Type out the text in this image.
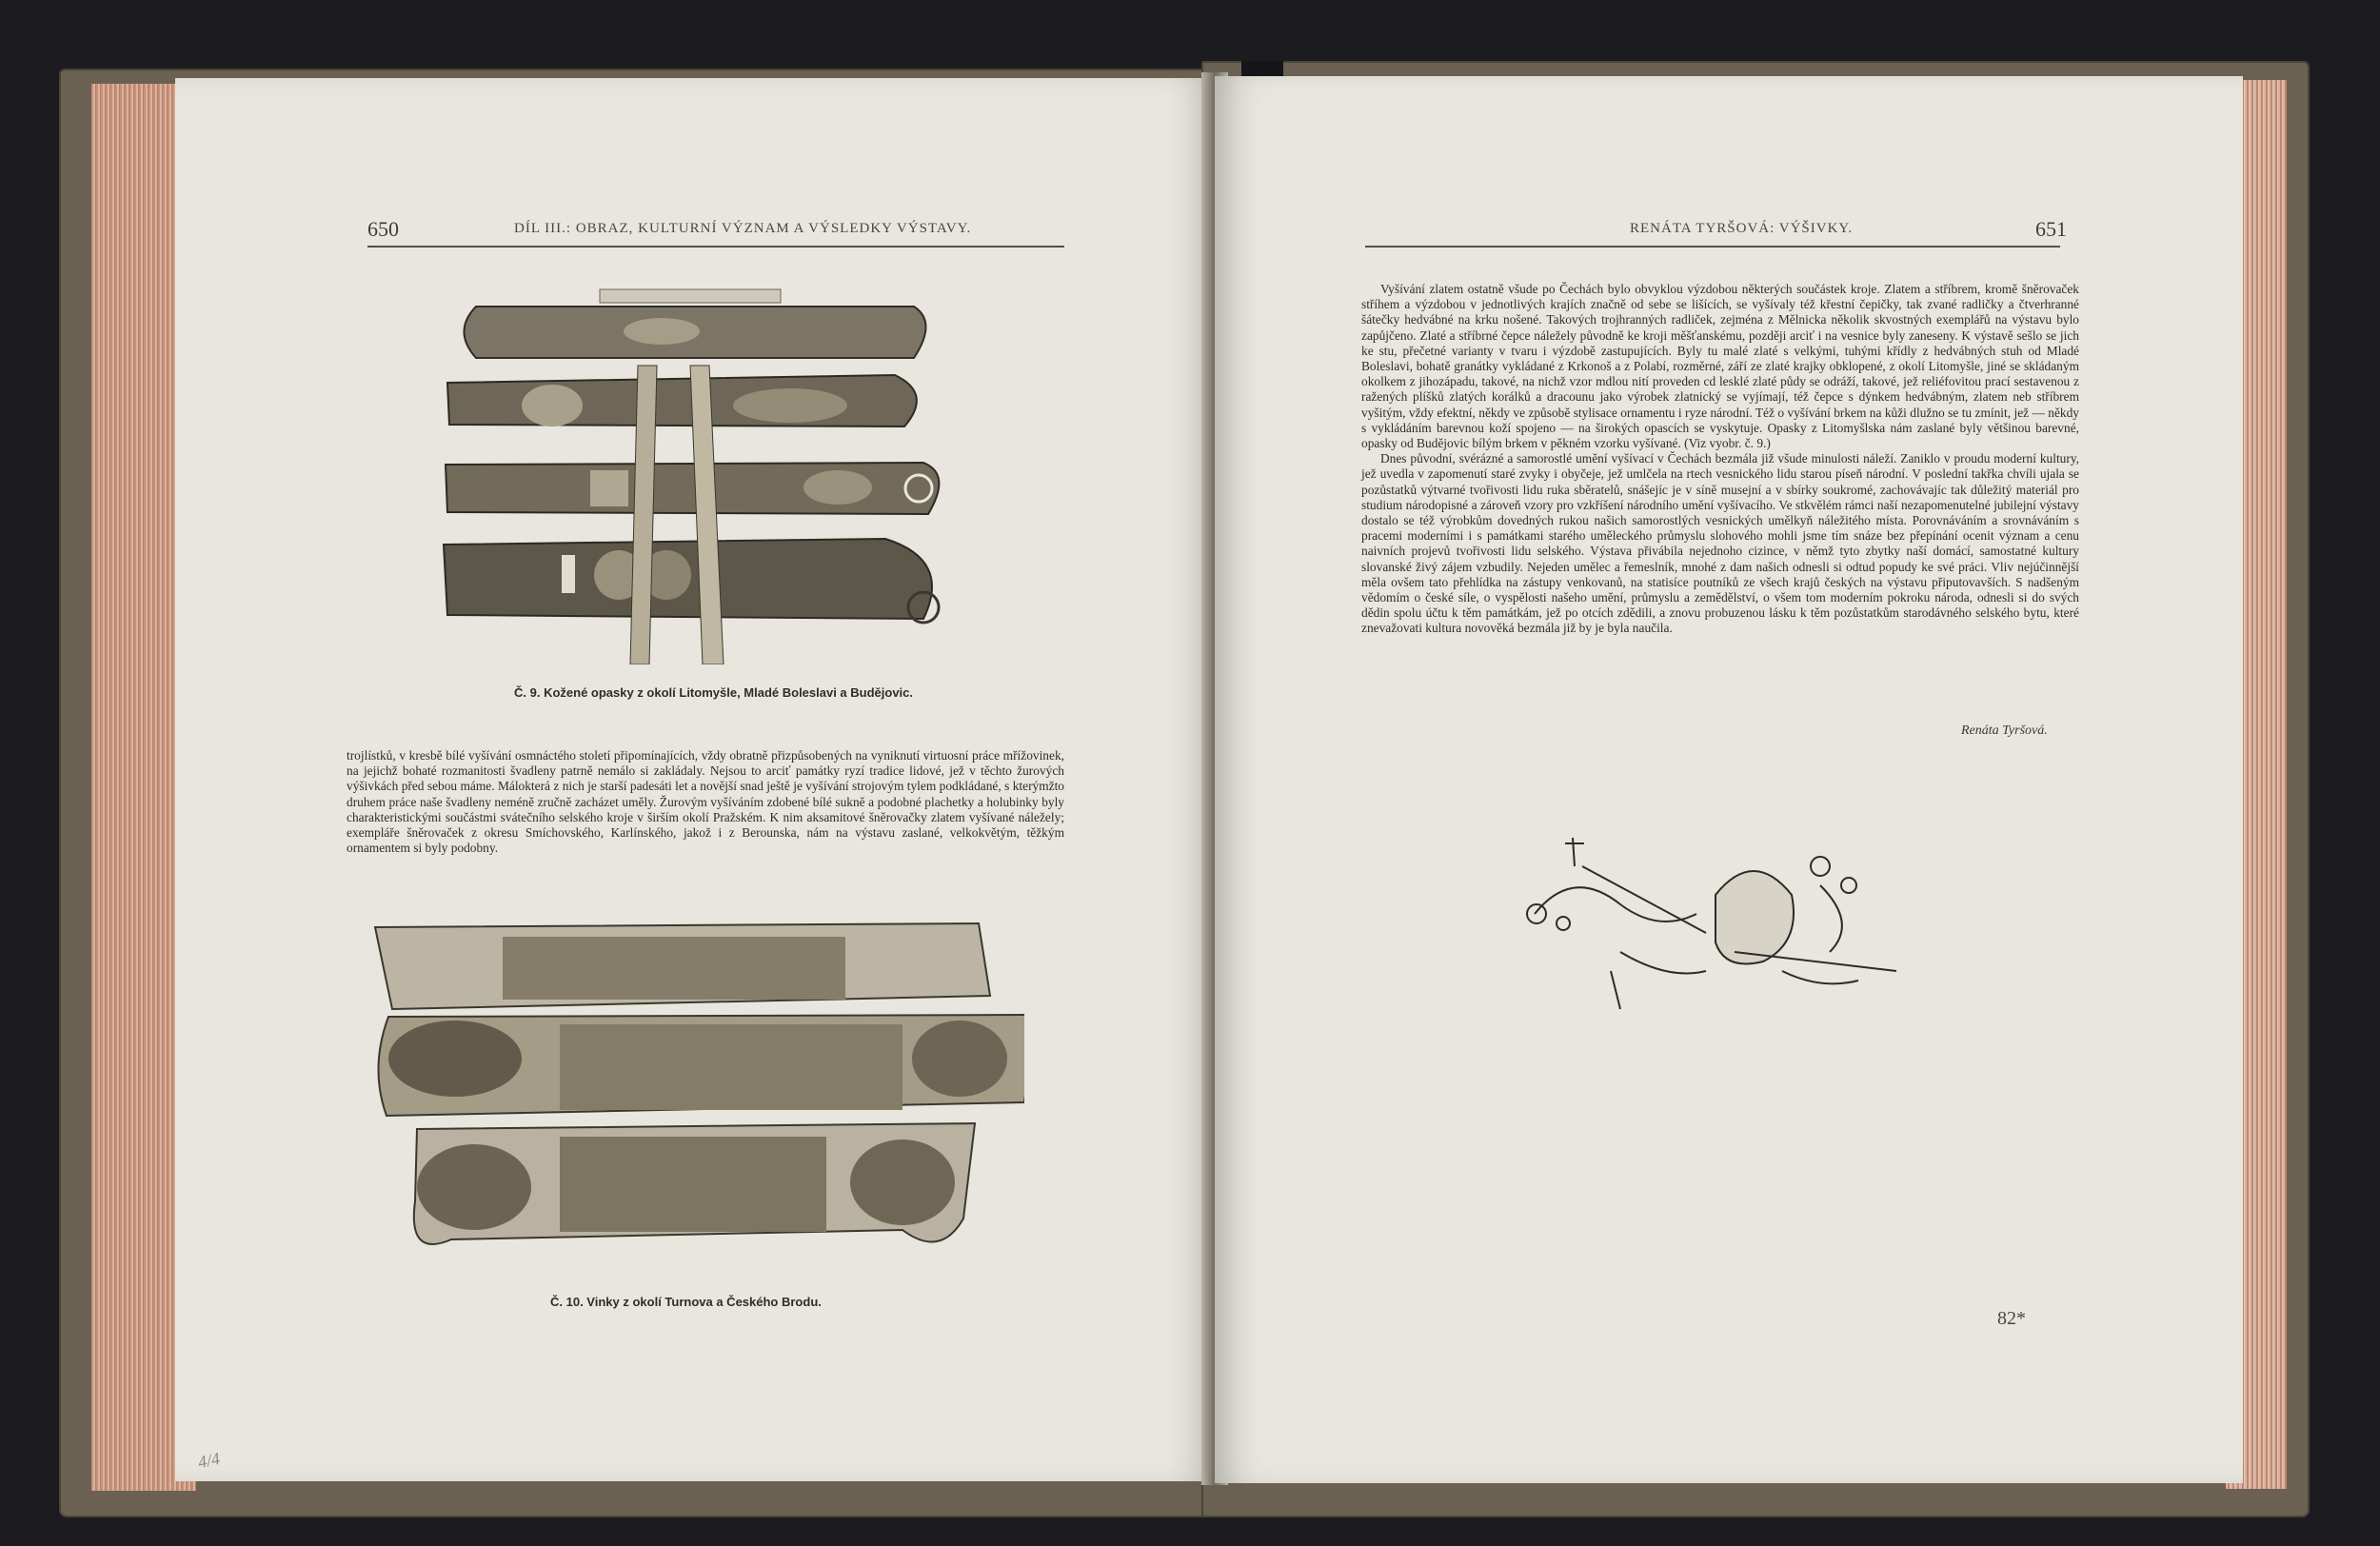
650	DÍL III.: OBRAZ, KULTURNÍ VÝZNAM A VÝSLEDKY VÝSTAVY.
Č. 9. Kožené opasky z okolí Litomyšle, Mladé Boleslavi a Budějovic.

trojlístků, v kresbě bílé vyšívání osmnáctého století připomínajících, vždy obratně přizpůsobených na vyniknutí virtuosní práce mřížovinek, na jejichž bohaté rozmanitosti švadleny patrně nemálo si zakládaly. Nejsou to arciť památky ryzí tradice lidové, jež v těchto žurových výšivkách před sebou máme. Málokterá z nich je starší padesáti let a novější snad ještě je vyšívání strojovým tylem podkládané, s kterýmžto druhem práce naše švadleny neméně zručně zacházet uměly. Žurovým vyšíváním zdobené bílé sukně a podobné plachetky a holubinky byly charakteristickými součástmi svátečního selského kroje v širším okolí Pražském. K nim aksamitové šněrovačky zlatem vyšívané náležely; exempláře šněrovaček z okresu Smíchovského, Karlínského, jakož i z Berounska, nám na výstavu zaslané, velkokvětým, těžkým ornamentem si byly podobny.

Č. 10. Vinky z okolí Turnova a Českého Brodu.
4/4
RENÁTA TYRŠOVÁ: VÝŠIVKY.	651

Vyšívání zlatem ostatně všude po Čechách bylo obvyklou výzdobou některých součástek kroje. Zlatem a stříbrem, kromě šněrovaček stříhem a výzdobou v jednotlivých krajích značně od sebe se lišících, se vyšívaly též křestní čepičky, tak zvané radličky a čtverhranné šátečky hedvábné na krku nošené. Takových trojhranných radliček, zejména z Mělnicka několik skvostných exemplářů na výstavu bylo zapůjčeno. Zlaté a stříbrné čepce náležely původně ke kroji měšťanskému, později arciť i na vesnice byly zaneseny. K výstavě sešlo se jich ke stu, přečetné varianty v tvaru i výzdobě zastupujících. Byly tu malé zlaté s velkými, tuhými křídly z hedvábných stuh od Mladé Boleslavi, bohatě granátky vykládané z Krkonoš a z Polabí, rozměrné, září ze zlaté krajky obklopené, z okolí Litomyšle, jiné se skládaným okolkem z jihozápadu, takové, na nichž vzor mdlou nití proveden cd lesklé zlaté půdy se odráží, takové, jež reliéfovitou prací sestavenou z ražených plíšků zlatých korálků a dracounu jako výrobek zlatnický se vyjímají, též čepce s dýnkem hedvábným, zlatem neb stříbrem vyšitým, vždy efektní, někdy ve způsobě stylisace ornamentu i ryze národní. Též o vyšívání brkem na kůži dlužno se tu zmínit, jež — někdy s vykládáním barevnou koží spojeno — na širokých opascích se vyskytuje. Opasky z Litomyšlska nám zaslané byly většinou barevné, opasky od Budějovic bílým brkem v pěkném vzorku vyšívané. (Viz vyobr. č. 9.)

Dnes původní, svérázné a samorostlé umění vyšívací v Čechách bezmála již všude minulosti náleží. Zaniklo v proudu moderní kultury, jež uvedla v zapomenutí staré zvyky i obyčeje, jež umlčela na rtech vesnického lidu starou píseň národní. V poslední takřka chvíli ujala se pozůstatků výtvarné tvořivosti lidu ruka sběratelů, snášejíc je v síně musejní a v sbírky soukromé, zachovávajíc tak důležitý materiál pro studium národopisné a zároveň vzory pro vzkříšení národního umění vyšívacího. Ve stkvělém rámci naší nezapomenutelné jubilejní výstavy dostalo se též výrobkům dovedných rukou našich samorostlých vesnických umělkyň náležitého místa. Porovnáváním a srovnáváním s pracemi moderními i s památkami starého uměleckého průmyslu slohového mohli jsme tím snáze bez přepínání ocenit význam a cenu naivních projevů tvořivosti lidu selského. Výstava přivábila nejednoho cizince, v němž tyto zbytky naší domácí, samostatné kultury slovanské živý zájem vzbudily. Nejeden umělec a řemeslník, mnohé z dam našich odnesli si odtud popudy ke své práci. Vliv nejúčinnější měla ovšem tato přehlídka na zástupy venkovanů, na statisíce poutníků ze všech krajů českých na výstavu připutovavších. S nadšeným vědomím o české síle, o vyspělosti našeho umění, průmyslu a zemědělství, o všem tom moderním pokroku národa, odnesli si do svých dědin spolu účtu k těm památkám, jež po otcích zdědili, a znovu probuzenou lásku k těm pozůstatkům starodávného selského bytu, které znevažovati kultura novověká bezmála již by je byla naučila.

Renáta Tyršová.
82*
